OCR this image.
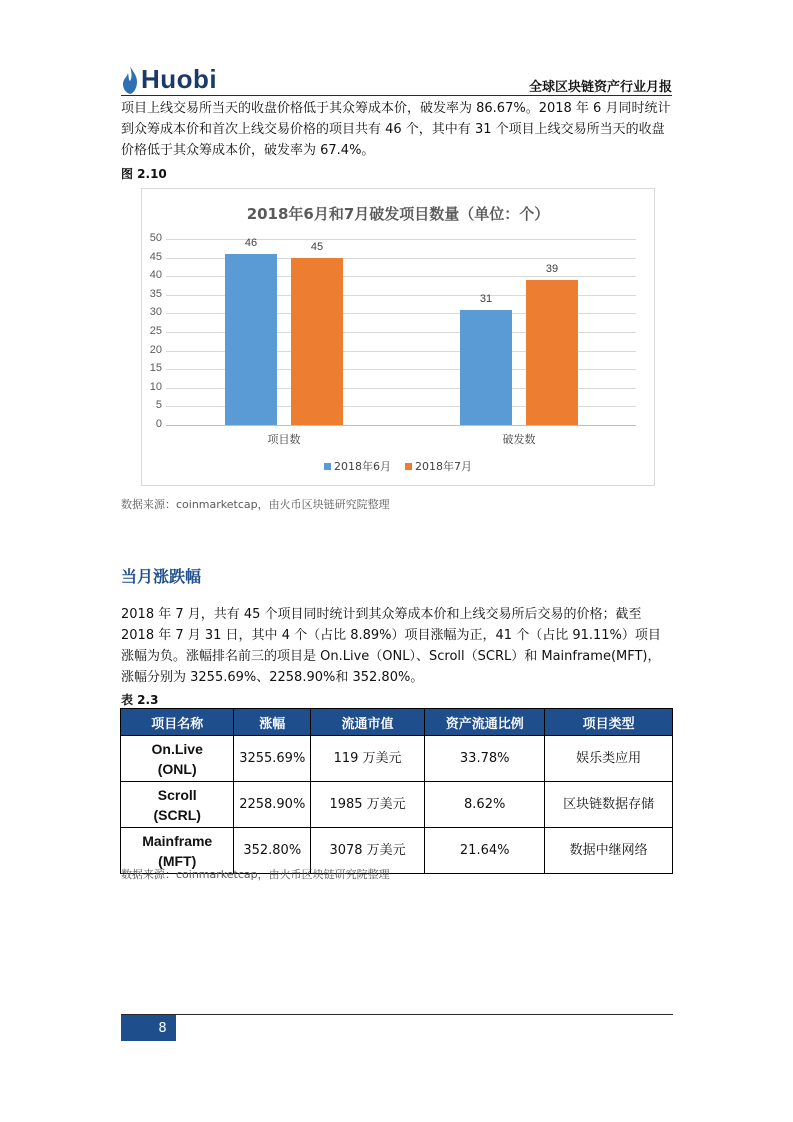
Huobi	全球区块链资产行业月报
项目上线交易所当天的收盘价格低于其众筹成本价，破发率为 86.67%。2018 年 6 月同时统计到众筹成本价和首次上线交易价格的项目共有 46 个，其中有 31 个项目上线交易所当天的收盘价格低于其众筹成本价，破发率为 67.4%。
图 2.10
2018年6月和7月破发项目数量（单位：个）
2018年6月 2018年7月
0
5
10
15
20
25
30
35
40
45
50	46	45
项目数
31
39
破发数
数据来源：coinmarketcap，由火币区块链研究院整理
当月涨跌幅
2018 年 7 月，共有 45 个项目同时统计到其众筹成本价和上线交易所后交易的价格；截至 2018 年 7 月 31 日，其中 4 个（占比 8.89%）项目涨幅为正，41 个（占比 91.11%）项目涨幅为负。涨幅排名前三的项目是 On.Live（ONL）、Scroll（SCRL）和 Mainframe(MFT)，涨幅分别为 3255.69%、2258.90%和 352.80%。
表 2.3
项目名称	涨幅	流通市值	资产流通比例	项目类型
On.Live
(ONL)	3255.69%	119 万美元	33.78%	娱乐类应用
Scroll
(SCRL)	2258.90%	1985 万美元	8.62%	区块链数据存储
Mainframe
(MFT)	352.80%	3078 万美元	21.64%	数据中继网络
数据来源：coinmarketcap，由火币区块链研究院整理
8
